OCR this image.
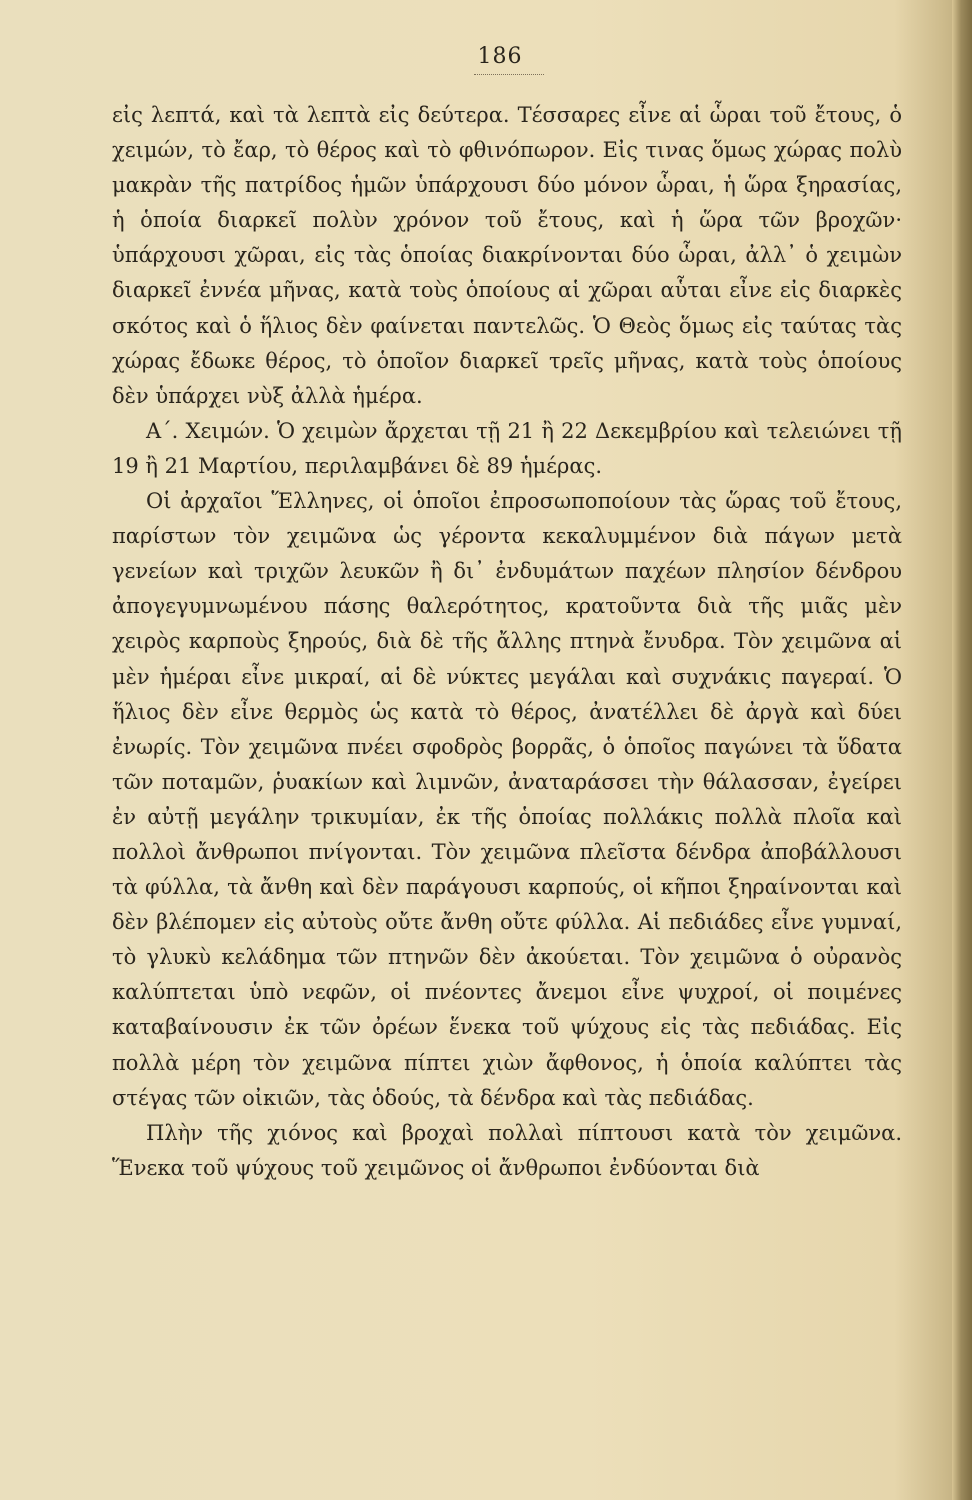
186

εἰς λεπτά, καὶ τὰ λεπτὰ εἰς δεύτερα. Τέσσαρες εἶνε αἱ ὧραι τοῦ ἔτους, ὁ χειμών, τὸ ἔαρ, τὸ θέρος καὶ τὸ φθινόπωρον. Εἰς τινας ὅμως χώρας πολὺ μακρὰν τῆς πατρίδος ἡμῶν ὑπάρχουσι δύο μόνον ὧραι, ἡ ὥρα ξηρασίας, ἡ ὁποία διαρκεῖ πολὺν χρόνον τοῦ ἔτους, καὶ ἡ ὥρα τῶν βροχῶν· ὑπάρχουσι χῶραι, εἰς τὰς ὁποίας διακρίνονται δύο ὧραι, ἀλλ᾽ ὁ χειμὼν διαρκεῖ ἐννέα μῆνας, κατὰ τοὺς ὁποίους αἱ χῶραι αὗται εἶνε εἰς διαρκὲς σκότος καὶ ὁ ἥλιος δὲν φαίνεται παντελῶς. Ὁ Θεὸς ὅμως εἰς ταύτας τὰς χώρας ἔδωκε θέρος, τὸ ὁποῖον διαρκεῖ τρεῖς μῆνας, κατὰ τοὺς ὁποίους δὲν ὑπάρχει νὺξ ἀλλὰ ἡμέρα.

Α΄. Χειμών. Ὁ χειμὼν ἄρχεται τῇ 21 ἢ 22 Δεκεμβρίου καὶ τελειώνει τῇ 19 ἢ 21 Μαρτίου, περιλαμβάνει δὲ 89 ἡμέρας.

Οἱ ἀρχαῖοι Ἕλληνες, οἱ ὁποῖοι ἐπροσωποποίουν τὰς ὥρας τοῦ ἔτους, παρίστων τὸν χειμῶνα ὡς γέροντα κεκαλυμμένον διὰ πάγων μετὰ γενείων καὶ τριχῶν λευκῶν ἢ δι᾽ ἐνδυμάτων παχέων πλησίον δένδρου ἀπογεγυμνωμένου πάσης θαλερότητος, κρατοῦντα διὰ τῆς μιᾶς μὲν χειρὸς καρποὺς ξηρούς, διὰ δὲ τῆς ἄλλης πτηνὰ ἔνυδρα. Τὸν χειμῶνα αἱ μὲν ἡμέραι εἶνε μικραί, αἱ δὲ νύκτες μεγάλαι καὶ συχνάκις παγεραί. Ὁ ἥλιος δὲν εἶνε θερμὸς ὡς κατὰ τὸ θέρος, ἀνατέλλει δὲ ἀργὰ καὶ δύει ἐνωρίς. Τὸν χειμῶνα πνέει σφοδρὸς βορρᾶς, ὁ ὁποῖος παγώνει τὰ ὕδατα τῶν ποταμῶν, ῥυακίων καὶ λιμνῶν, ἀναταράσσει τὴν θάλασσαν, ἐγείρει ἐν αὐτῇ μεγάλην τρικυμίαν, ἐκ τῆς ὁποίας πολλάκις πολλὰ πλοῖα καὶ πολλοὶ ἄνθρωποι πνίγονται. Τὸν χειμῶνα πλεῖστα δένδρα ἀποβάλλουσι τὰ φύλλα, τὰ ἄνθη καὶ δὲν παράγουσι καρπούς, οἱ κῆποι ξηραίνονται καὶ δὲν βλέπομεν εἰς αὐτοὺς οὔτε ἄνθη οὔτε φύλλα. Αἱ πεδιάδες εἶνε γυμναί, τὸ γλυκὺ κελάδημα τῶν πτηνῶν δὲν ἀκούεται. Τὸν χειμῶνα ὁ οὐρανὸς καλύπτεται ὑπὸ νεφῶν, οἱ πνέοντες ἄνεμοι εἶνε ψυχροί, οἱ ποιμένες καταβαίνουσιν ἐκ τῶν ὀρέων ἕνεκα τοῦ ψύχους εἰς τὰς πεδιάδας. Εἰς πολλὰ μέρη τὸν χειμῶνα πίπτει χιὼν ἄφθονος, ἡ ὁποία καλύπτει τὰς στέγας τῶν οἰκιῶν, τὰς ὁδούς, τὰ δένδρα καὶ τὰς πεδιάδας.

Πλὴν τῆς χιόνος καὶ βροχαὶ πολλαὶ πίπτουσι κατὰ τὸν χειμῶνα. Ἕνεκα τοῦ ψύχους τοῦ χειμῶνος οἱ ἄνθρωποι ἐνδύονται διὰ
